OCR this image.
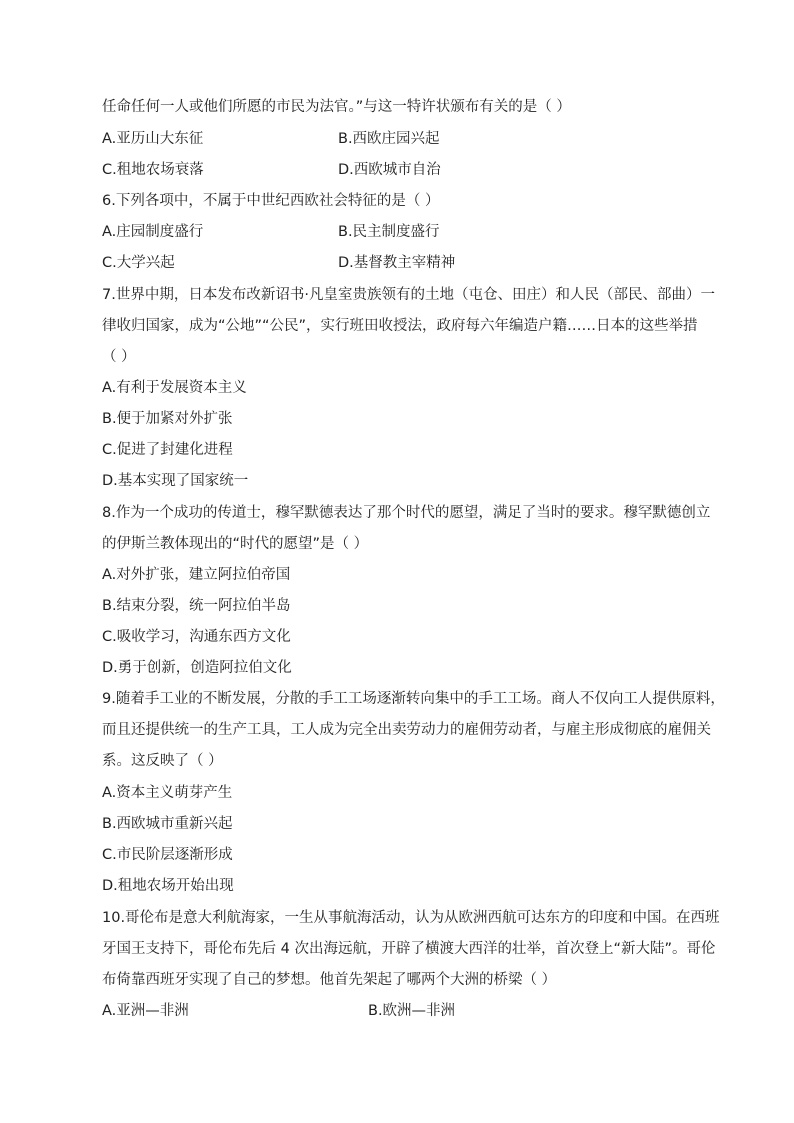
任命任何一人或他们所愿的市民为法官。”与这一特许状颁布有关的是（ ）
A.亚历山大东征	B.西欧庄园兴起
C.租地农场衰落	D.西欧城市自治
6.下列各项中，不属于中世纪西欧社会特征的是（ ）
A.庄园制度盛行	B.民主制度盛行
C.大学兴起	D.基督教主宰精神
7.世界中期，日本发布改新诏书·凡皇室贵族领有的土地（屯仓、田庄）和人民（部民、部曲）一
律收归国家，成为“公地”“公民”，实行班田收授法，政府每六年编造户籍……日本的这些举措
（ ）
A.有利于发展资本主义
B.便于加紧对外扩张
C.促进了封建化进程
D.基本实现了国家统一
8.作为一个成功的传道士，穆罕默德表达了那个时代的愿望，满足了当时的要求。穆罕默德创立
的伊斯兰教体现出的“时代的愿望”是（ ）
A.对外扩张，建立阿拉伯帝国
B.结束分裂，统一阿拉伯半岛
C.吸收学习，沟通东西方文化
D.勇于创新，创造阿拉伯文化
9.随着手工业的不断发展，分散的手工工场逐渐转向集中的手工工场。商人不仅向工人提供原料，
而且还提供统一的生产工具，工人成为完全出卖劳动力的雇佣劳动者，与雇主形成彻底的雇佣关
系。这反映了（ ）
A.资本主义萌芽产生
B.西欧城市重新兴起
C.市民阶层逐渐形成
D.租地农场开始出现
10.哥伦布是意大利航海家，一生从事航海活动，认为从欧洲西航可达东方的印度和中国。在西班
牙国王支持下，哥伦布先后 4 次出海远航，开辟了横渡大西洋的壮举，首次登上“新大陆”。哥伦
布倚靠西班牙实现了自己的梦想。他首先架起了哪两个大洲的桥梁（ ）
A.亚洲—非洲	B.欧洲—非洲
